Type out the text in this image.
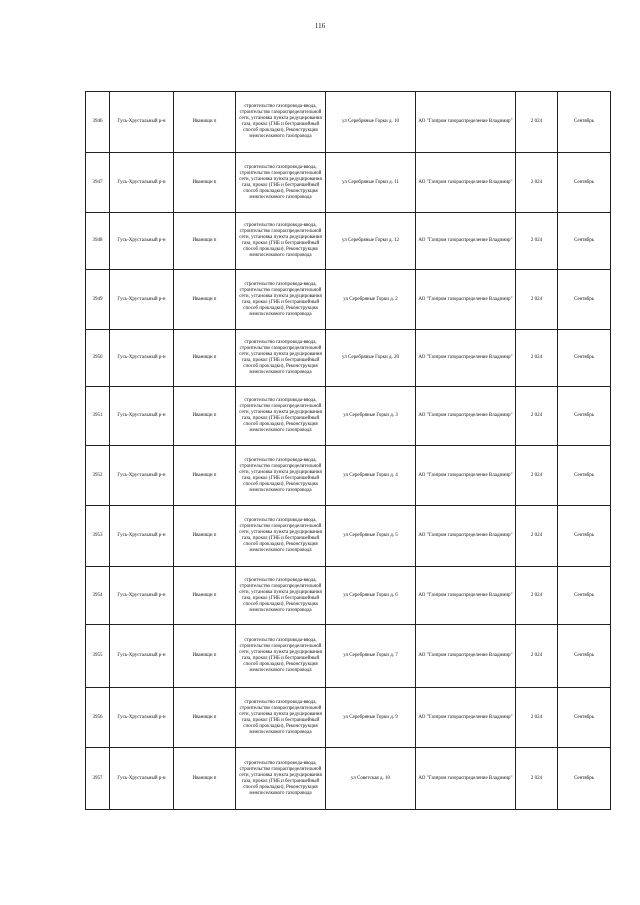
116
3946	Гусь-Хрустальный р-н	Иванищи п	строительство газопровода-ввода, строительство газораспределительной сети, установка пункта редуцирования газа, прокол (ГНБ и бестраншейный способ прокладки), Реконструкция межпоселкового газопровода	ул Серебряные Горки д. 10	АО "Газпром газораспределение Владимир"	2 024	Сентябрь
3947	Гусь-Хрустальный р-н	Иванищи п	строительство газопровода-ввода, строительство газораспределительной сети, установка пункта редуцирования газа, прокол (ГНБ и бестраншейный способ прокладки), Реконструкция межпоселкового газопровода	ул Серебряные Горки д. 11	АО "Газпром газораспределение Владимир"	2 024	Сентябрь
3948	Гусь-Хрустальный р-н	Иванищи п	строительство газопровода-ввода, строительство газораспределительной сети, установка пункта редуцирования газа, прокол (ГНБ и бестраншейный способ прокладки), Реконструкция межпоселкового газопровода	ул Серебряные Горки д. 12	АО "Газпром газораспределение Владимир"	2 024	Сентябрь
3949	Гусь-Хрустальный р-н	Иванищи п	строительство газопровода-ввода, строительство газораспределительной сети, установка пункта редуцирования газа, прокол (ГНБ и бестраншейный способ прокладки), Реконструкция межпоселкового газопровода	ул Серебряные Горки д. 2	АО "Газпром газораспределение Владимир"	2 024	Сентябрь
3950	Гусь-Хрустальный р-н	Иванищи п	строительство газопровода-ввода, строительство газораспределительной сети, установка пункта редуцирования газа, прокол (ГНБ и бестраншейный способ прокладки), Реконструкция межпоселкового газопровода	ул Серебряные Горки д. 20	АО "Газпром газораспределение Владимир"	2 024	Сентябрь
3951	Гусь-Хрустальный р-н	Иванищи п	строительство газопровода-ввода, строительство газораспределительной сети, установка пункта редуцирования газа, прокол (ГНБ и бестраншейный способ прокладки), Реконструкция межпоселкового газопровода	ул Серебряные Горки д. 3	АО "Газпром газораспределение Владимир"	2 024	Сентябрь
3952	Гусь-Хрустальный р-н	Иванищи п	строительство газопровода-ввода, строительство газораспределительной сети, установка пункта редуцирования газа, прокол (ГНБ и бестраншейный способ прокладки), Реконструкция межпоселкового газопровода	ул Серебряные Горки д. 4	АО "Газпром газораспределение Владимир"	2 024	Сентябрь
3953	Гусь-Хрустальный р-н	Иванищи п	строительство газопровода-ввода, строительство газораспределительной сети, установка пункта редуцирования газа, прокол (ГНБ и бестраншейный способ прокладки), Реконструкция межпоселкового газопровода	ул Серебряные Горки д. 5	АО "Газпром газораспределение Владимир"	2 024	Сентябрь
3954	Гусь-Хрустальный р-н	Иванищи п	строительство газопровода-ввода, строительство газораспределительной сети, установка пункта редуцирования газа, прокол (ГНБ и бестраншейный способ прокладки), Реконструкция межпоселкового газопровода	ул Серебряные Горки д. 6	АО "Газпром газораспределение Владимир"	2 024	Сентябрь
3955	Гусь-Хрустальный р-н	Иванищи п	строительство газопровода-ввода, строительство газораспределительной сети, установка пункта редуцирования газа, прокол (ГНБ и бестраншейный способ прокладки), Реконструкция межпоселкового газопровода	ул Серебряные Горки д. 7	АО "Газпром газораспределение Владимир"	2 024	Сентябрь
3956	Гусь-Хрустальный р-н	Иванищи п	строительство газопровода-ввода, строительство газораспределительной сети, установка пункта редуцирования газа, прокол (ГНБ и бестраншейный способ прокладки), Реконструкция межпоселкового газопровода	ул Серебряные Горки д. 9	АО "Газпром газораспределение Владимир"	2 024	Сентябрь
3957	Гусь-Хрустальный р-н	Иванищи п	строительство газопровода-ввода, строительство газораспределительной сети, установка пункта редуцирования газа, прокол (ГНБ и бестраншейный способ прокладки), Реконструкция межпоселкового газопровода	ул Советская д. 10	АО "Газпром газораспределение Владимир"	2 024	Сентябрь
